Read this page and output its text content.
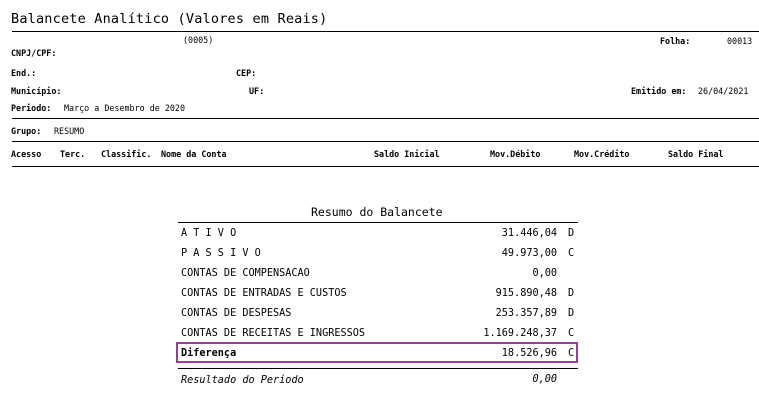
Balancete Analítico (Valores em Reais)
(0005)	Folha:	00013
CNPJ/CPF:
End.:	CEP:
Município:	UF:	Emitido em: 26/04/2021
Periodo: Março a Desembro de 2020
Grupo: RESUMO
Acesso Terc. Classific. Nome da Conta	Saldo Inicial	Mov.Débito	Mov.Crédito	Saldo Final
Resumo do Balancete
A T I V O	31.446,04 D
P A S S I V O	49.973,00 C
CONTAS DE COMPENSACAO	0,00
CONTAS DE ENTRADAS E CUSTOS	915.890,48 D
CONTAS DE DESPESAS	253.357,89 D
CONTAS DE RECEITAS E INGRESSOS	1.169.248,37 C
Diferença	18.526,96 C
Resultado do Período	0,00
